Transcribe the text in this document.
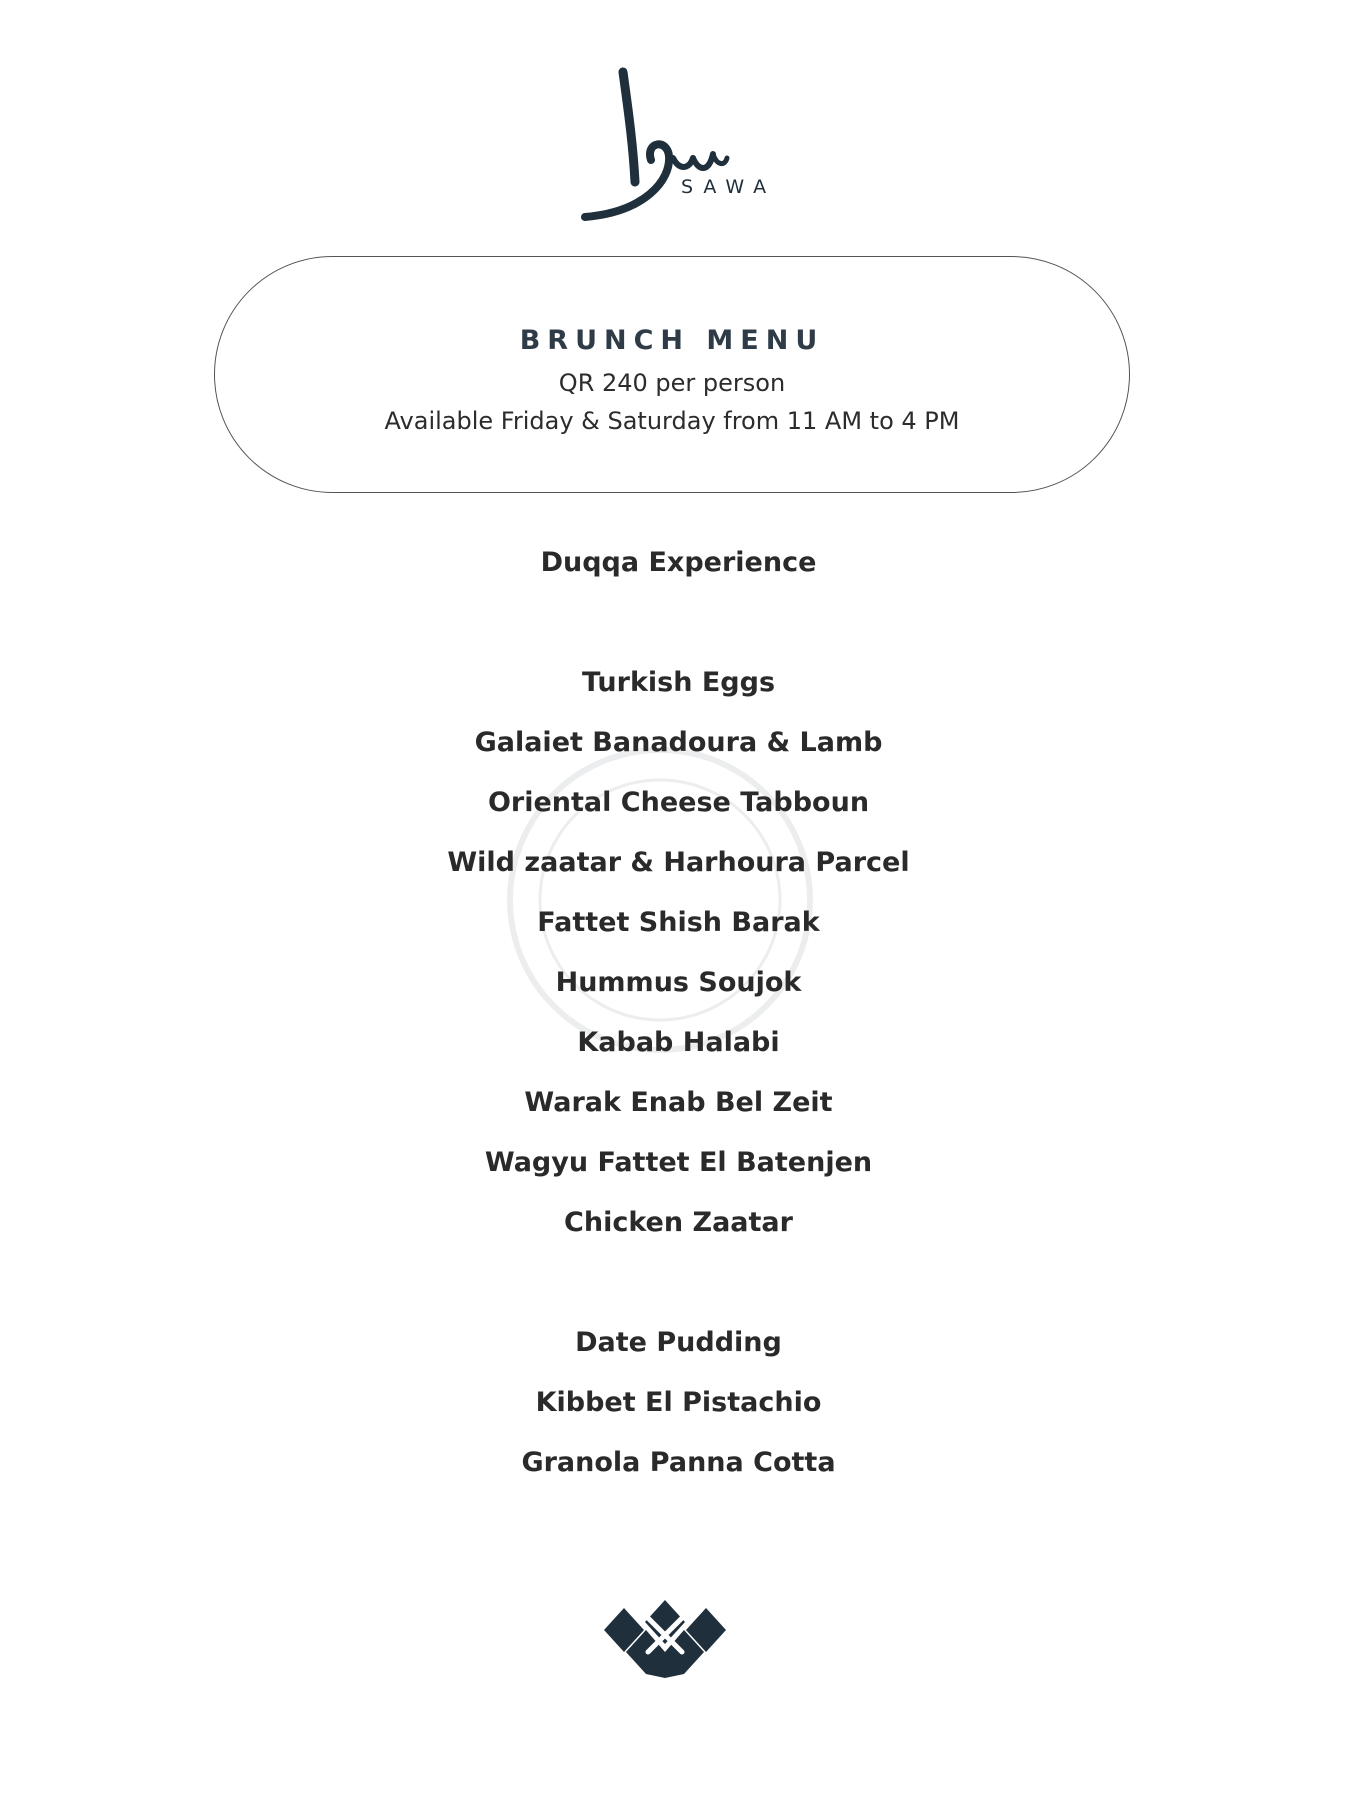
SAWA
BRUNCH MENU
QR 240 per person
Available Friday & Saturday from 11 AM to 4 PM
Duqqa Experience
Turkish Eggs
Galaiet Banadoura & Lamb
Oriental Cheese Tabboun
Wild zaatar & Harhoura Parcel
Fattet Shish Barak
Hummus Soujok
Kabab Halabi
Warak Enab Bel Zeit
Wagyu Fattet El Batenjen
Chicken Zaatar
Date Pudding
Kibbet El Pistachio
Granola Panna Cotta
